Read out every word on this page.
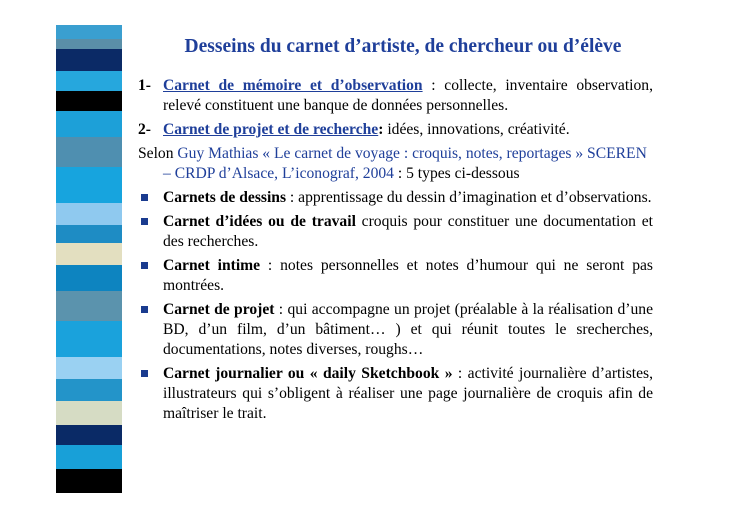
Desseins du carnet d’artiste, de chercheur ou d’élève
1- Carnet de mémoire et d’observation : collecte, inventaire observation, relevé constituent une banque de données personnelles.
2- Carnet de projet et de recherche: idées, innovations, créativité.
Selon Guy Mathias « Le carnet de voyage : croquis, notes, reportages » SCEREN – CRDP d’Alsace, L’iconograf, 2004 : 5 types ci-dessous
Carnets de dessins : apprentissage du dessin d’imagination et d’observations.
Carnet d’idées ou de travail croquis pour constituer une documentation et des recherches.
Carnet intime : notes personnelles et notes d’humour qui ne seront pas montrées.
Carnet de projet : qui accompagne un projet (préalable à la réalisation d’une BD, d’un film, d’un bâtiment… ) et qui réunit toutes le srecherches, documentations, notes diverses, roughs…
Carnet journalier ou « daily Sketchbook » : activité journalière d’artistes, illustrateurs qui s’obligent à réaliser une page journalière de croquis afin de maîtriser le trait.
